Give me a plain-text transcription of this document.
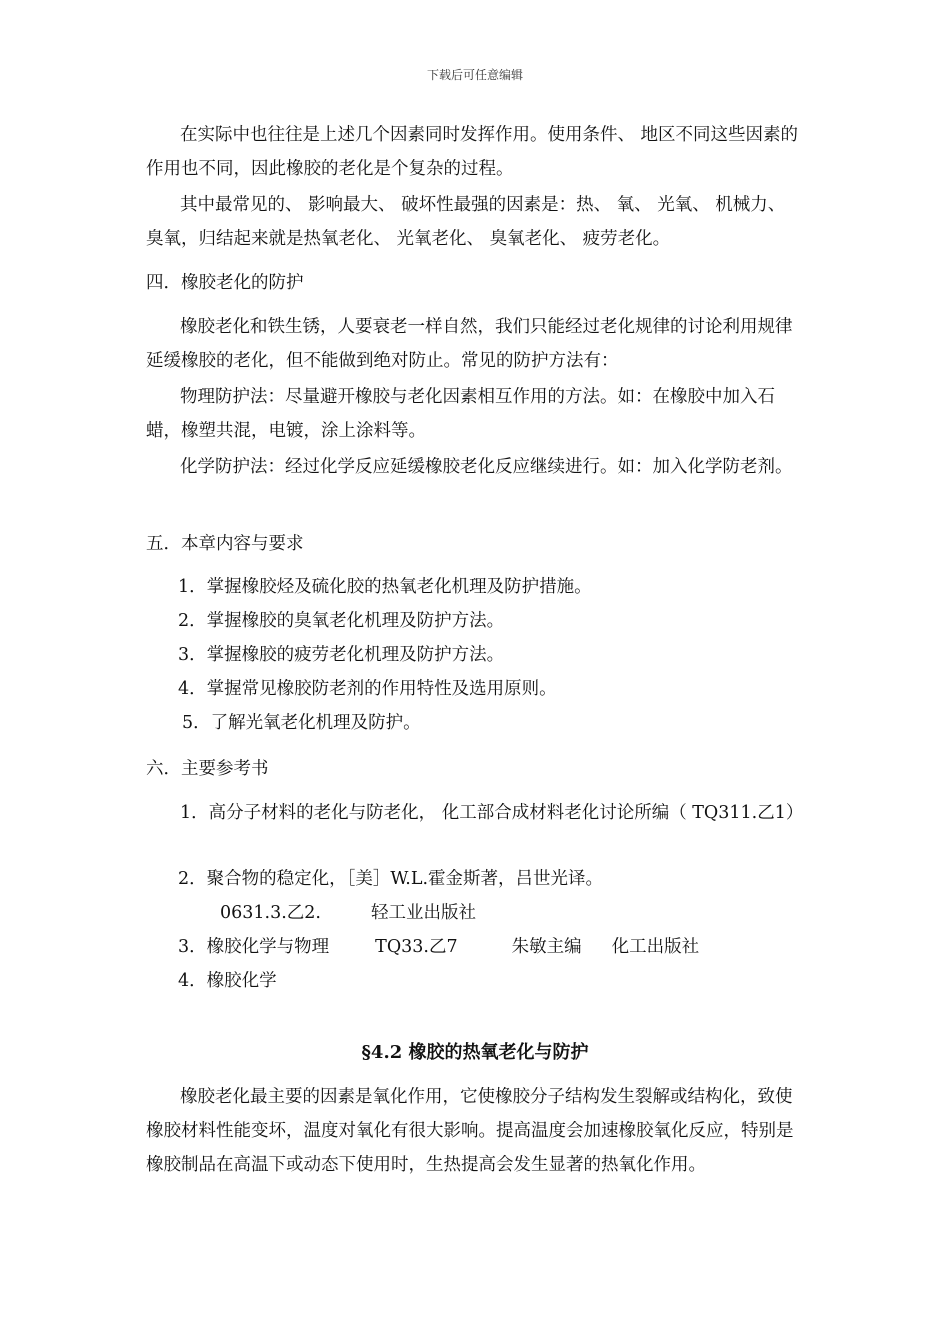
下载后可任意编辑

在实际中也往往是上述几个因素同时发挥作用。使用条件、 地区不同这些因素的作用也不同，因此橡胶的老化是个复杂的过程。

其中最常见的、 影响最大、 破坏性最强的因素是：热、 氧、 光氧、 机械力、 臭氧，归结起来就是热氧老化、 光氧老化、 臭氧老化、 疲劳老化。

四．橡胶老化的防护

橡胶老化和铁生锈，人要衰老一样自然，我们只能经过老化规律的讨论利用规律延缓橡胶的老化，但不能做到绝对防止。常见的防护方法有：

物理防护法：尽量避开橡胶与老化因素相互作用的方法。如：在橡胶中加入石蜡，橡塑共混，电镀，涂上涂料等。

化学防护法：经过化学反应延缓橡胶老化反应继续进行。如：加入化学防老剂。

五．本章内容与要求

1．掌握橡胶烃及硫化胶的热氧老化机理及防护措施。

2．掌握橡胶的臭氧老化机理及防护方法。

3．掌握橡胶的疲劳老化机理及防护方法。

4．掌握常见橡胶防老剂的作用特性及选用原则。

5．了解光氧老化机理及防护。

六．主要参考书

1．高分子材料的老化与防老化， 化工部合成材料老化讨论所编（ TQ311.乙1）

2．聚合物的稳定化，［美］W.L.霍金斯著，吕世光译。

0631.3.乙2.	轻工业出版社
3．橡胶化学与物理	TQ33.乙7	朱敏主编 化工出版社

4．橡胶化学

§4.2 橡胶的热氧老化与防护

橡胶老化最主要的因素是氧化作用，它使橡胶分子结构发生裂解或结构化，致使橡胶材料性能变坏，温度对氧化有很大影响。提高温度会加速橡胶氧化反应，特别是橡胶制品在高温下或动态下使用时，生热提高会发生显著的热氧化作用。
